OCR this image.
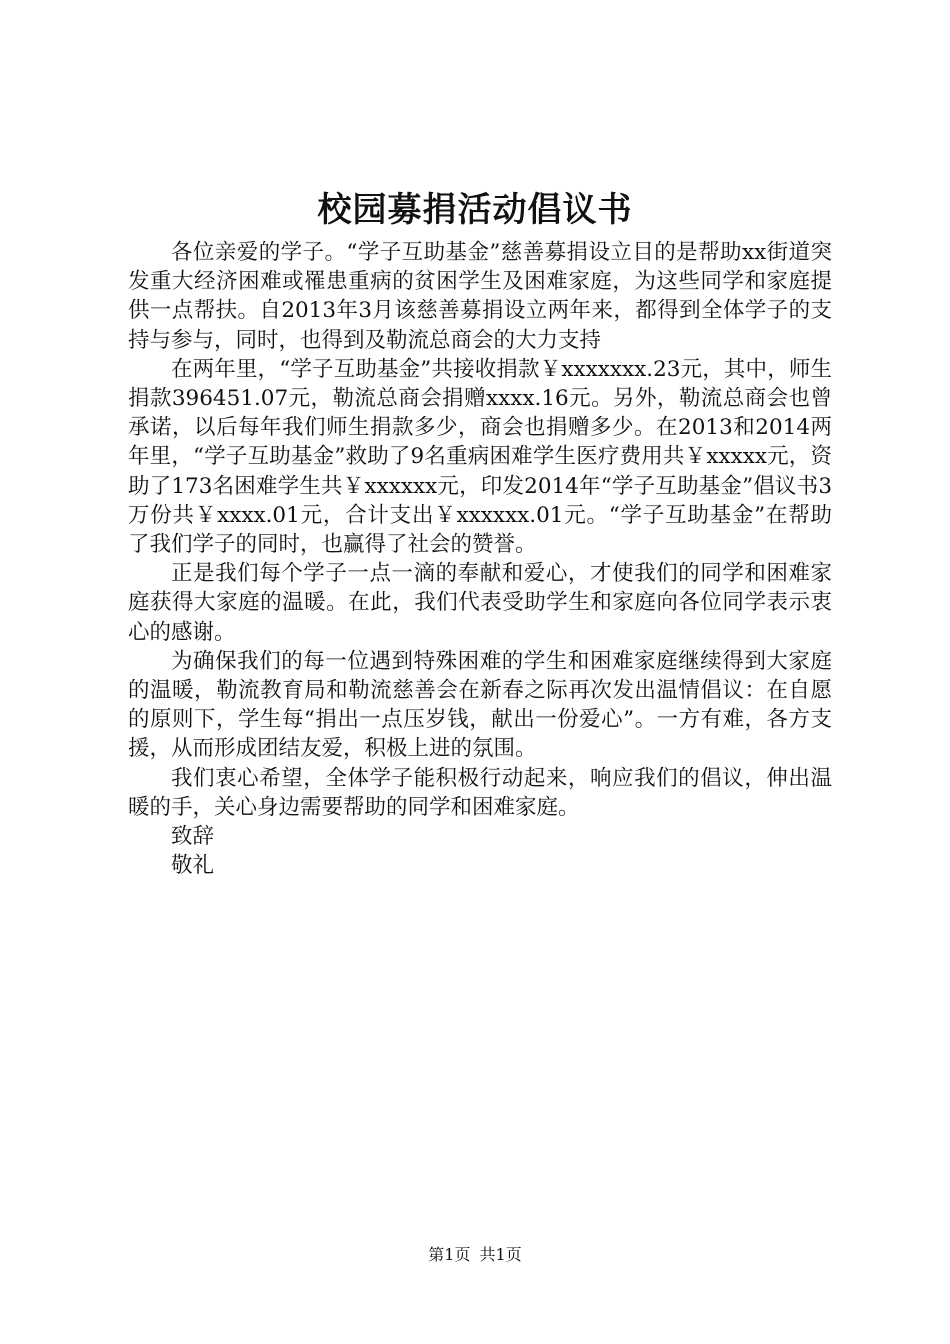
校园募捐活动倡议书

各位亲爱的学子。“学子互助基金”慈善募捐设立目的是帮助xx街道突发重大经济困难或罹患重病的贫困学生及困难家庭，为这些同学和家庭提供一点帮扶。自2013年3月该慈善募捐设立两年来，都得到全体学子的支持与参与，同时，也得到及勒流总商会的大力支持

在两年里，“学子互助基金”共接收捐款￥xxxxxxx.23元，其中，师生捐款396451.07元，勒流总商会捐赠xxxx.16元。另外，勒流总商会也曾承诺，以后每年我们师生捐款多少，商会也捐赠多少。在2013和2014两年里，“学子互助基金”救助了9名重病困难学生医疗费用共￥xxxxx元，资助了173名困难学生共￥xxxxxx元，印发2014年“学子互助基金”倡议书3万份共￥xxxx.01元，合计支出￥xxxxxx.01元。“学子互助基金”在帮助了我们学子的同时，也赢得了社会的赞誉。

正是我们每个学子一点一滴的奉献和爱心，才使我们的同学和困难家庭获得大家庭的温暖。在此，我们代表受助学生和家庭向各位同学表示衷心的感谢。

为确保我们的每一位遇到特殊困难的学生和困难家庭继续得到大家庭的温暖，勒流教育局和勒流慈善会在新春之际再次发出温情倡议：在自愿的原则下，学生每“捐出一点压岁钱，献出一份爱心”。一方有难，各方支援，从而形成团结友爱，积极上进的氛围。

我们衷心希望，全体学子能积极行动起来，响应我们的倡议，伸出温暖的手，关心身边需要帮助的同学和困难家庭。

致辞

敬礼

第1页 共1页
